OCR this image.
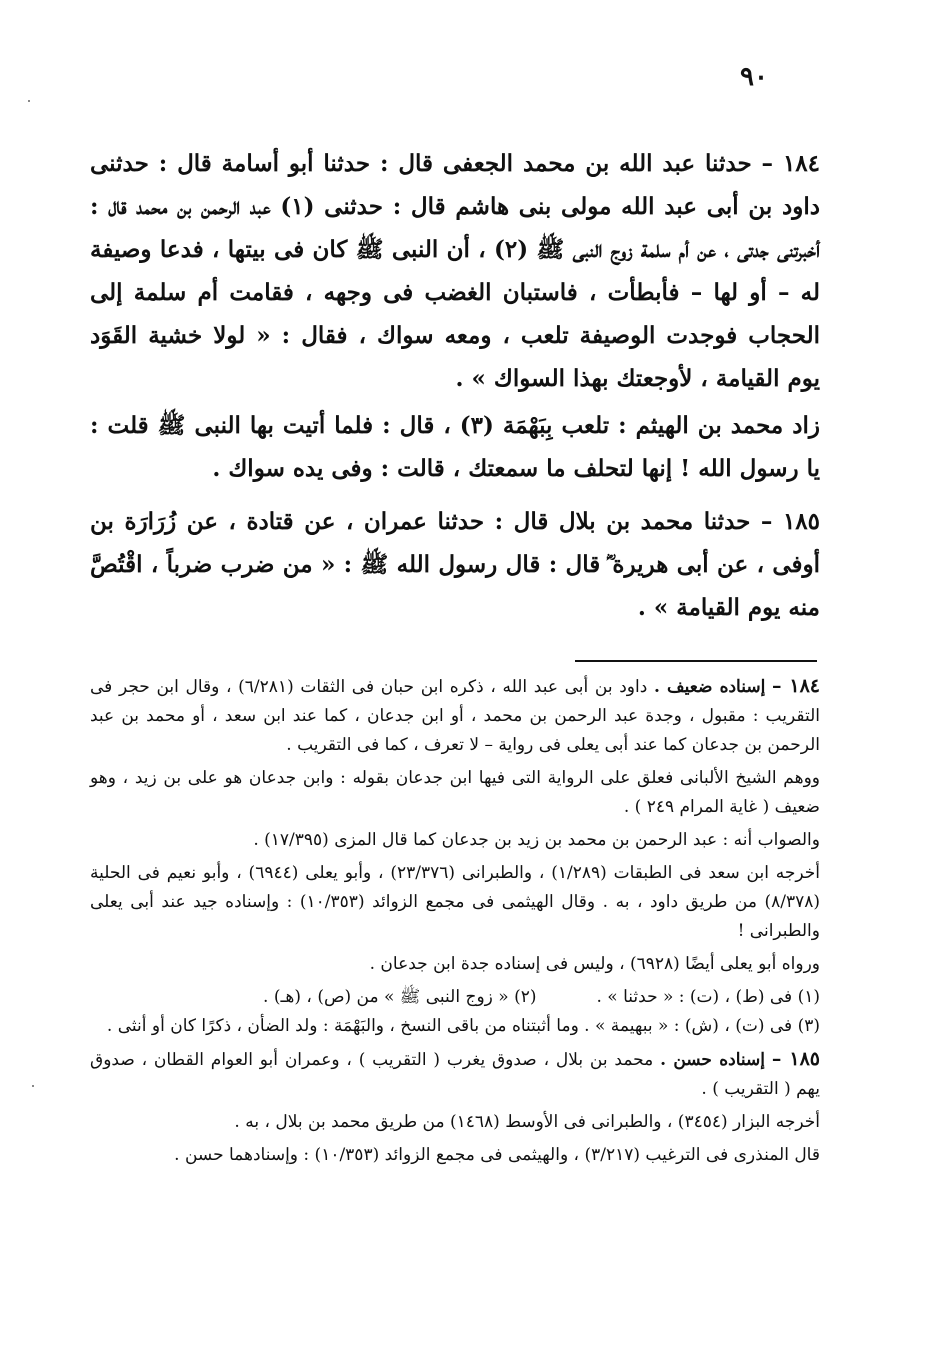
٩٠

١٨٤ – حدثنا عبد الله بن محمد الجعفى قال : حدثنا أبو أسامة قال : حدثنى داود بن أبى عبد الله مولى بنى هاشم قال : حدثنى (١) عبد الرحمن بن محمد قال : أخبرتنى جدتى ، عن أم سلمة زوج النبى ﷺ (٢) ، أن النبى ﷺ كان فى بيتها ، فدعا وصيفة له – أو لها – فأبطأت ، فاستبان الغضب فى وجهه ، فقامت أم سلمة إلى الحجاب فوجدت الوصيفة تلعب ، ومعه سواك ، فقال : « لولا خشية القَوَد يوم القيامة ، لأوجعتك بهذا السواك » .

زاد محمد بن الهيثم : تلعب بِبَهْمَة (٣) ، قال : فلما أتيت بها النبى ﷺ قلت : يا رسول الله ! إنها لتحلف ما سمعتك ، قالت : وفى يده سواك .

١٨٥ – حدثنا محمد بن بلال قال : حدثنا عمران ، عن قتادة ، عن زُرَارَة بن أوفى ، عن أبى هريرة ؓ قال : قال رسول الله ﷺ : « من ضرب ضرباً ، اقْتُصَّ منه يوم القيامة » .

١٨٤ – إسناده ضعيف . داود بن أبى عبد الله ، ذكره ابن حبان فى الثقات (٦/٢٨١) ، وقال ابن حجر فى التقريب : مقبول ، وجدة عبد الرحمن بن محمد ، أو ابن جدعان ، كما عند ابن سعد ، أو محمد بن عبد الرحمن بن جدعان كما عند أبى يعلى فى رواية – لا تعرف ، كما فى التقريب .

ووهم الشيخ الألبانى فعلق على الرواية التى فيها ابن جدعان بقوله : وابن جدعان هو على بن زيد ، وهو ضعيف ( غاية المرام ٢٤٩ ) .

والصواب أنه : عبد الرحمن بن محمد بن زيد بن جدعان كما قال المزى (١٧/٣٩٥) .

أخرجه ابن سعد فى الطبقات (١/٢٨٩) ، والطبرانى (٢٣/٣٧٦) ، وأبو يعلى (٦٩٤٤) ، وأبو نعيم فى الحلية (٨/٣٧٨) من طريق داود ، به . وقال الهيثمى فى مجمع الزوائد (١٠/٣٥٣) : وإسناده جيد عند أبى يعلى والطبرانى !

ورواه أبو يعلى أيضًا (٦٩٢٨) ، وليس فى إسناده جدة ابن جدعان .

(١) فى (ط) ، (ت) : « حدثنا » .
(٢) « زوج النبى ﷺ » من (ص) ، (هـ) .

(٣) فى (ت) ، (ش) : « ببهيمة » . وما أثبتناه من باقى النسخ ، والبَهْمَة : ولد الضأن ، ذكرًا كان أو أنثى .

١٨٥ – إسناده حسن . محمد بن بلال ، صدوق يغرب ( التقريب ) ، وعمران أبو العوام القطان ، صدوق يهم ( التقريب ) .

أخرجه البزار (٣٤٥٤) ، والطبرانى فى الأوسط (١٤٦٨) من طريق محمد بن بلال ، به .

قال المنذرى فى الترغيب (٣/٢١٧) ، والهيثمى فى مجمع الزوائد (١٠/٣٥٣) : وإسنادهما حسن .
